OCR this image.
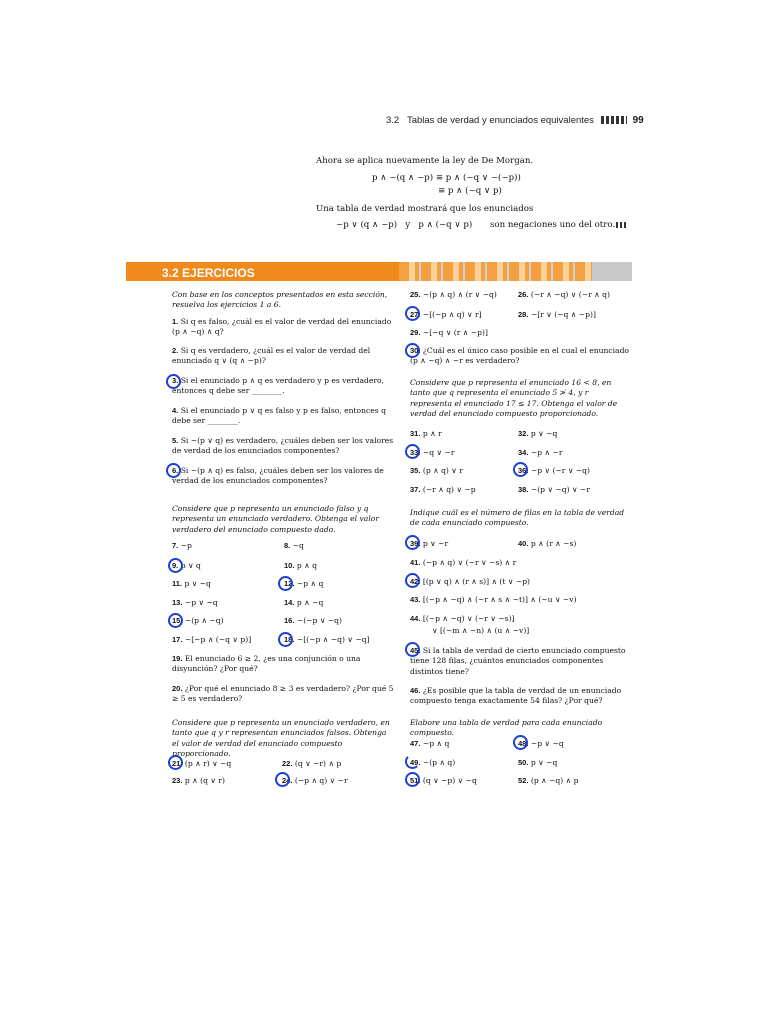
3.2 Tablas de verdad y enunciados equivalentes	99
Ahora se aplica nuevamente la ley de De Morgan.
p ∧ ~(q ∧ ~p) ≡ p ∧ (~q ∨ ~(~p))
≡ p ∧ (~q ∨ p)
Una tabla de verdad mostrará que los enunciados
~p ∨ (q ∧ ~p)   y   p ∧ (~q ∨ p) son negaciones uno del otro.
3.2 EJERCICIOS

Con base en los conceptos presentados en esta sección, resuelva los ejercicios 1 a 6.

1. Si q es falso, ¿cuál es el valor de verdad del enunciado (p ∧ ~q) ∧ q?
2. Si q es verdadero, ¿cuál es el valor de verdad del enunciado q ∨ (q ∧ ~p)?
3. Si el enunciado p ∧ q es verdadero y p es verdadero, entonces q debe ser ________.
4. Si el enunciado p ∨ q es falso y p es falso, entonces q debe ser ________.
5. Si ~(p ∨ q) es verdadero, ¿cuáles deben ser los valores de verdad de los enunciados componentes?
6. Si ~(p ∧ q) es falso, ¿cuáles deben ser los valores de verdad de los enunciados componentes?

Considere que p representa un enunciado falso y q representa un enunciado verdadero. Obtenga el valor verdadero del enunciado compuesto dado.

7. ~p	8. ~q
9. p ∨ q	10. p ∧ q
11. p ∨ ~q	12. ~p ∧ q
13. ~p ∨ ~q	14. p ∧ ~q
15. ~(p ∧ ~q)	16. ~(~p ∨ ~q)
17. ~[~p ∧ (~q ∨ p)]	18. ~[(~p ∧ ~q) ∨ ~q]
19. El enunciado 6 ≥ 2, ¿es una conjunción o una disyunción? ¿Por qué?
20. ¿Por qué el enunciado 8 ≥ 3 es verdadero? ¿Por qué 5 ≥ 5 es verdadero?

Considere que p representa un enunciado verdadero, en tanto que q y r representan enunciados falsos. Obtenga el valor de verdad del enunciado compuesto proporcionado.

21. (p ∧ r) ∨ ~q	22. (q ∨ ~r) ∧ p
23. p ∧ (q ∨ r)	24. (~p ∧ q) ∨ ~r
25. ~(p ∧ q) ∧ (r ∨ ~q)	26. (~r ∧ ~q) ∨ (~r ∧ q)
27. ~[(~p ∧ q) ∨ r]	28. ~[r ∨ (~q ∧ ~p)]
29. ~[~q ∨ (r ∧ ~p)]
30. ¿Cuál es el único caso posible en el cual el enunciado (p ∧ ~q) ∧ ~r es verdadero?

Considere que p representa el enunciado 16 < 8, en tanto que q representa el enunciado 5 ≯ 4, y r representa el enunciado 17 ≤ 17. Obtenga el valor de verdad del enunciado compuesto proporcionado.

31. p ∧ r	32. p ∨ ~q
33. ~q ∨ ~r	34. ~p ∧ ~r
35. (p ∧ q) ∨ r	36. ~p ∨ (~r ∨ ~q)
37. (~r ∧ q) ∨ ~p	38. ~(p ∨ ~q) ∨ ~r

Indique cuál es el número de filas en la tabla de verdad de cada enunciado compuesto.

39. p ∨ ~r	40. p ∧ (r ∧ ~s)
41. (~p ∧ q) ∨ (~r ∨ ~s) ∧ r
42. [(p ∨ q) ∧ (r ∧ s)] ∧ (t ∨ ~p)
43. [(~p ∧ ~q) ∧ (~r ∧ s ∧ ~t)] ∧ (~u ∨ ~v)
44. [(~p ∧ ~q) ∨ (~r ∨ ~s)]
∨ [(~m ∧ ~n) ∧ (u ∧ ~v)]
45. Si la tabla de verdad de cierto enunciado compuesto tiene 128 filas, ¿cuántos enunciados componentes distintos tiene?
46. ¿Es posible que la tabla de verdad de un enunciado compuesto tenga exactamente 54 filas? ¿Por qué?

Elabore una tabla de verdad para cada enunciado compuesto.

47. ~p ∧ q	48. ~p ∨ ~q
49. ~(p ∧ q)	50. p ∨ ~q
51. (q ∨ ~p) ∨ ~q	52. (p ∧ ~q) ∧ p
